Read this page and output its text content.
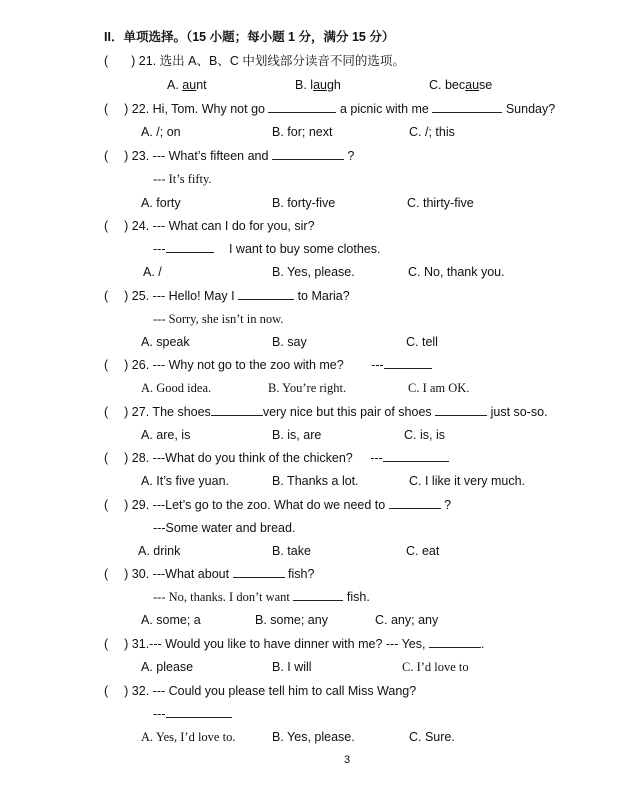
II．单项选择。（15 小题；每小题 1 分，满分 15 分）
( ) 21. 选出 A、B、C 中划线部分读音不同的选项。
A. aunt	B. laugh	C. because
( ) 22. Hi, Tom. Why not go	a picnic with me	Sunday?
A. /; on	B. for; next	C. /; this
( ) 23. --- What’s fifteen and	?
--- It’s fifty.
A. forty	B. forty-five	C. thirty-five
( ) 24. --- What can I do for you, sir?
---	I want to buy some clothes.
A. /	B. Yes, please.	C. No, thank you.
( ) 25. --- Hello! May I	to Maria?
--- Sorry, she isn’t in now.
A. speak	B. say	C. tell
( ) 26. --- Why not go to the zoo with me? ---
A. Good idea.	B. You’re right.	C. I am OK.
( ) 27. The shoes	very nice but this pair of shoes	just so-so.
A. are, is	B. is, are	C. is, is
( ) 28. ---What do you think of the chicken? ---
A. It’s five yuan.	B. Thanks a lot.	C. I like it very much.
( ) 29. ---Let’s go to the zoo. What do we need to	?
---Some water and bread.
A. drink	B. take	C. eat
( ) 30. ---What about	fish?
--- No, thanks. I don’t want	fish.
A. some; a	B. some; any	C. any; any
( ) 31.--- Would you like to have dinner with me? --- Yes,	.
A. please	B. I will	C. I’d love to
( ) 32. --- Could you please tell him to call Miss Wang?
---
A. Yes, I’d love to.	B. Yes, please.	C. Sure.
3
